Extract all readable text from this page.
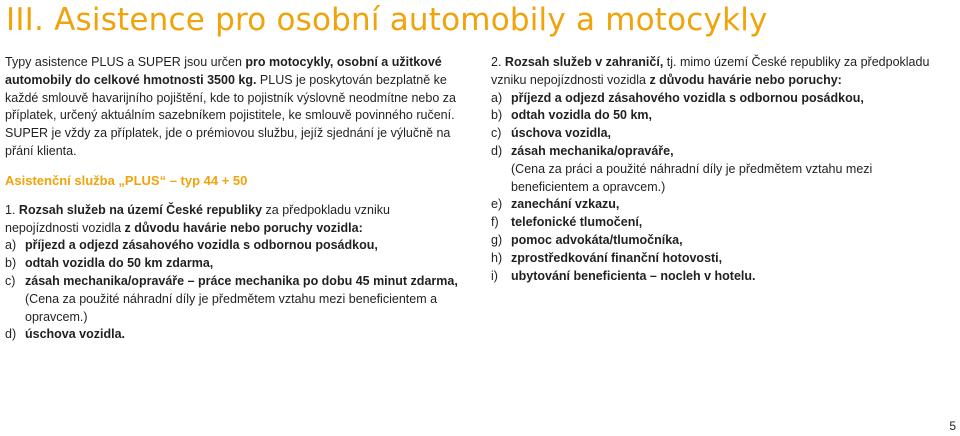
III. Asistence pro osobní automobily a motocykly

Typy asistence PLUS a SUPER jsou určen pro motocykly, osobní a užitkové automobily do celkové hmotnosti 3500 kg. PLUS je poskytován bezplatně ke každé smlouvě havarijního pojištění, kde to pojistník výslovně neodmítne nebo za příplatek, určený aktuálním sazebníkem pojistitele, ke smlouvě povinného ručení. SUPER je vždy za příplatek, jde o prémiovou službu, jejíž sjednání je výlučně na přání klienta.

Asistenční služba „PLUS“ – typ 44 + 50

1. Rozsah služeb na území České republiky za předpokladu vzniku nepojízdnosti vozidla z důvodu havárie nebo poruchy vozidla:

a) příjezd a odjezd zásahového vozidla s odbornou posádkou,
b) odtah vozidla do 50 km zdarma,
c) zásah mechanika/opraváře – práce mechanika po dobu 45 minut zdarma,
(Cena za použité náhradní díly je předmětem vztahu mezi beneficientem a opravcem.)
d) úschova vozidla.

2. Rozsah služeb v zahraničí, tj. mimo území České republiky za předpokladu vzniku nepojízdnosti vozidla z důvodu havárie nebo poruchy:

a) příjezd a odjezd zásahového vozidla s odbornou posádkou,
b) odtah vozidla do 50 km,
c) úschova vozidla,
d) zásah mechanika/opraváře,
(Cena za práci a použité náhradní díly je předmětem vztahu mezi beneficientem a opravcem.)
e) zanechání vzkazu,
f) telefonické tlumočení,
g) pomoc advokáta/tlumočníka,
h) zprostředkování finanční hotovosti,
i) ubytování beneficienta – nocleh v hotelu.
5
